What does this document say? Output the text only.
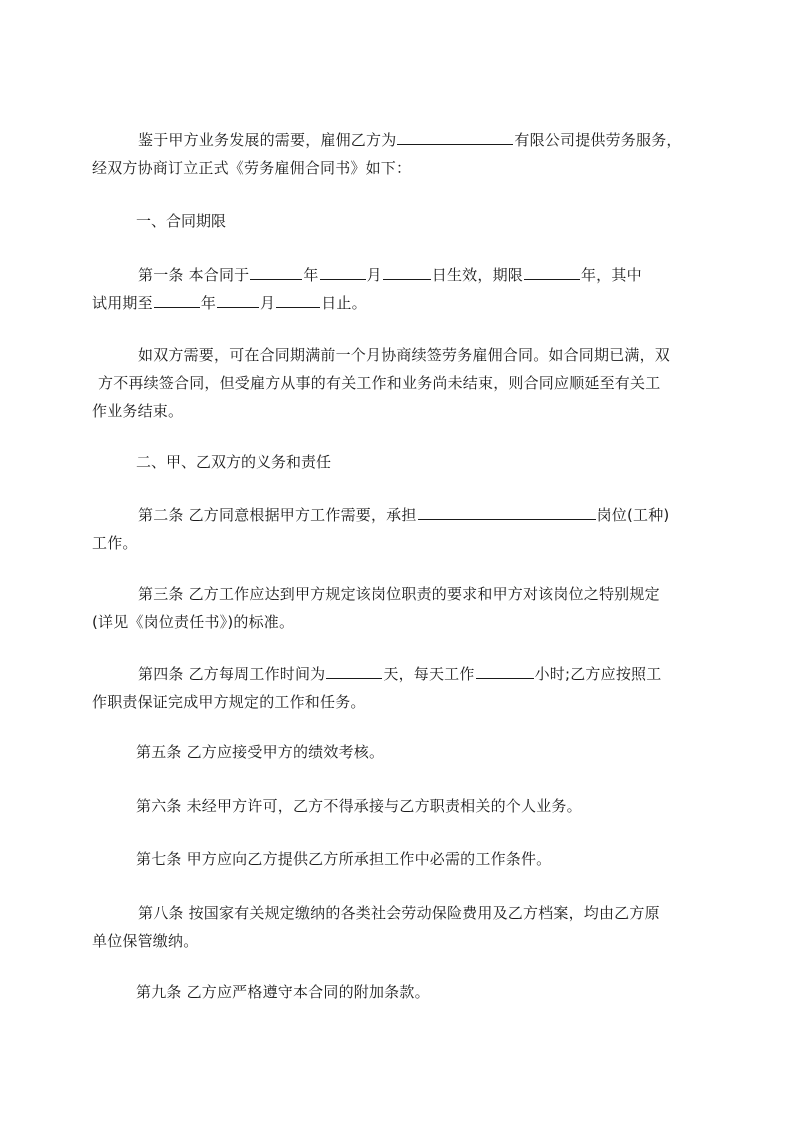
鉴于甲方业务发展的需要，雇佣乙方为	有限公司提供劳务服务，
经双方协商订立正式《劳务雇佣合同书》如下：
一、合同期限
第一条 本合同于	年	月	日生效，期限	年，其中
试用期至	年	月	日止。
如双方需要，可在合同期满前一个月协商续签劳务雇佣合同。如合同期已满，双
方不再续签合同，但受雇方从事的有关工作和业务尚未结束，则合同应顺延至有关工
作业务结束。
二、甲、乙双方的义务和责任
第二条 乙方同意根据甲方工作需要，承担	岗位(工种)
工作。
第三条 乙方工作应达到甲方规定该岗位职责的要求和甲方对该岗位之特别规定
(详见《岗位责任书》)的标准。
第四条 乙方每周工作时间为	天，每天工作	小时;乙方应按照工
作职责保证完成甲方规定的工作和任务。
第五条 乙方应接受甲方的绩效考核。
第六条 未经甲方许可，乙方不得承接与乙方职责相关的个人业务。
第七条 甲方应向乙方提供乙方所承担工作中必需的工作条件。
第八条 按国家有关规定缴纳的各类社会劳动保险费用及乙方档案，均由乙方原
单位保管缴纳。
第九条 乙方应严格遵守本合同的附加条款。
